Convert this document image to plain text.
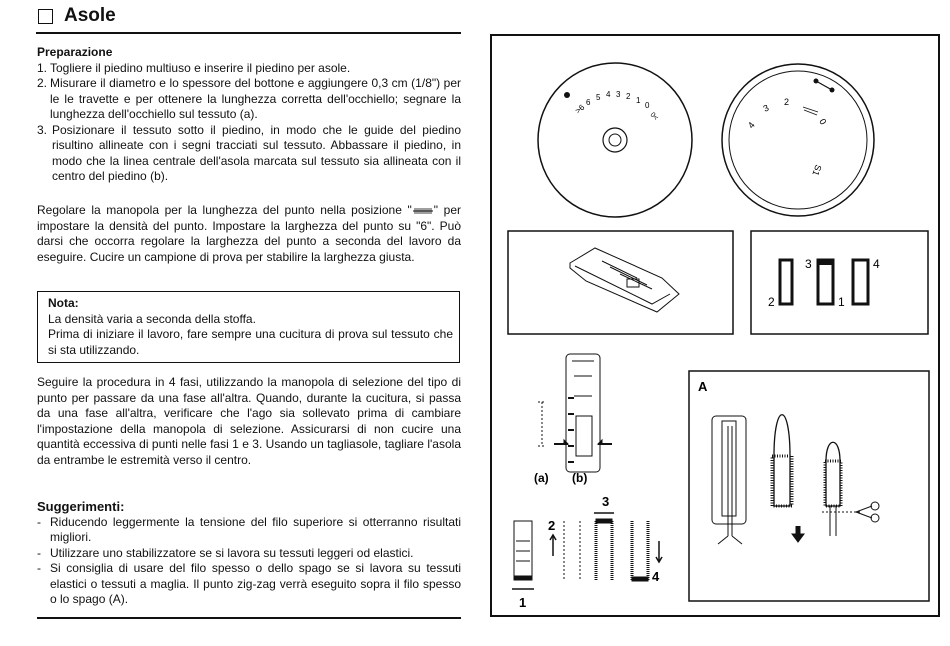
Asole
Preparazione
1. Togliere il piedino multiuso e inserire il piedino per asole.
2. Misurare il diametro e lo spessore del bottone e aggiungere 0,3 cm (1/8") per le le travette e per ottenere la lunghezza corretta dell'occhiello; segnare la lunghezza dell'occhiello sul tessuto (a).
3. Posizionare il tessuto sotto il piedino, in modo che le guide del piedino risultino allineate con i segni tracciati sul tessuto. Abbassare il piedino, in modo che la linea centrale dell'asola marcata sul tessuto sia allineata con il centro del piedino (b).
Regolare la manopola per la lunghezza del punto nella posizione " " per impostare la densità del punto. Impostare la larghezza del punto su "6". Può darsi che occorra regolare la larghezza del punto a seconda del lavoro da eseguire. Cucire un campione di prova per stabilire la larghezza giusta.
Nota:
La densità varia a seconda della stoffa.
Prima di iniziare il lavoro, fare sempre una cucitura di prova sul tessuto che si sta utilizzando.
Seguire la procedura in 4 fasi, utilizzando la manopola di selezione del tipo di punto per passare da una fase all'altra. Quando, durante la cucitura, si passa da una fase all'altra, verificare che l'ago sia sollevato prima di cambiare l'impostazione della manopola di selezione. Assicurarsi di non cucire una quantità eccessiva di punti nelle fasi 1 e 3. Usando un tagliasole, tagliare l'asola da entrambe le estremità verso il centro.
Suggerimenti:
- Riducendo leggermente la tensione del filo superiore si otterranno risultati migliori.
- Utilizzare uno stabilizzatore se si lavora su tessuti leggeri od elastici.
- Si consiglia di usare del filo spesso o dello spago se si lavora su tessuti elastici o tessuti a maglia. Il punto zig-zag verrà eseguito sopra il filo spesso o lo spago (A).
>6
6
5 4 3 2 1
0
0<
4
3
2
0
S1
2
3
1
4
(a) (b)
2
3
1
4
A
